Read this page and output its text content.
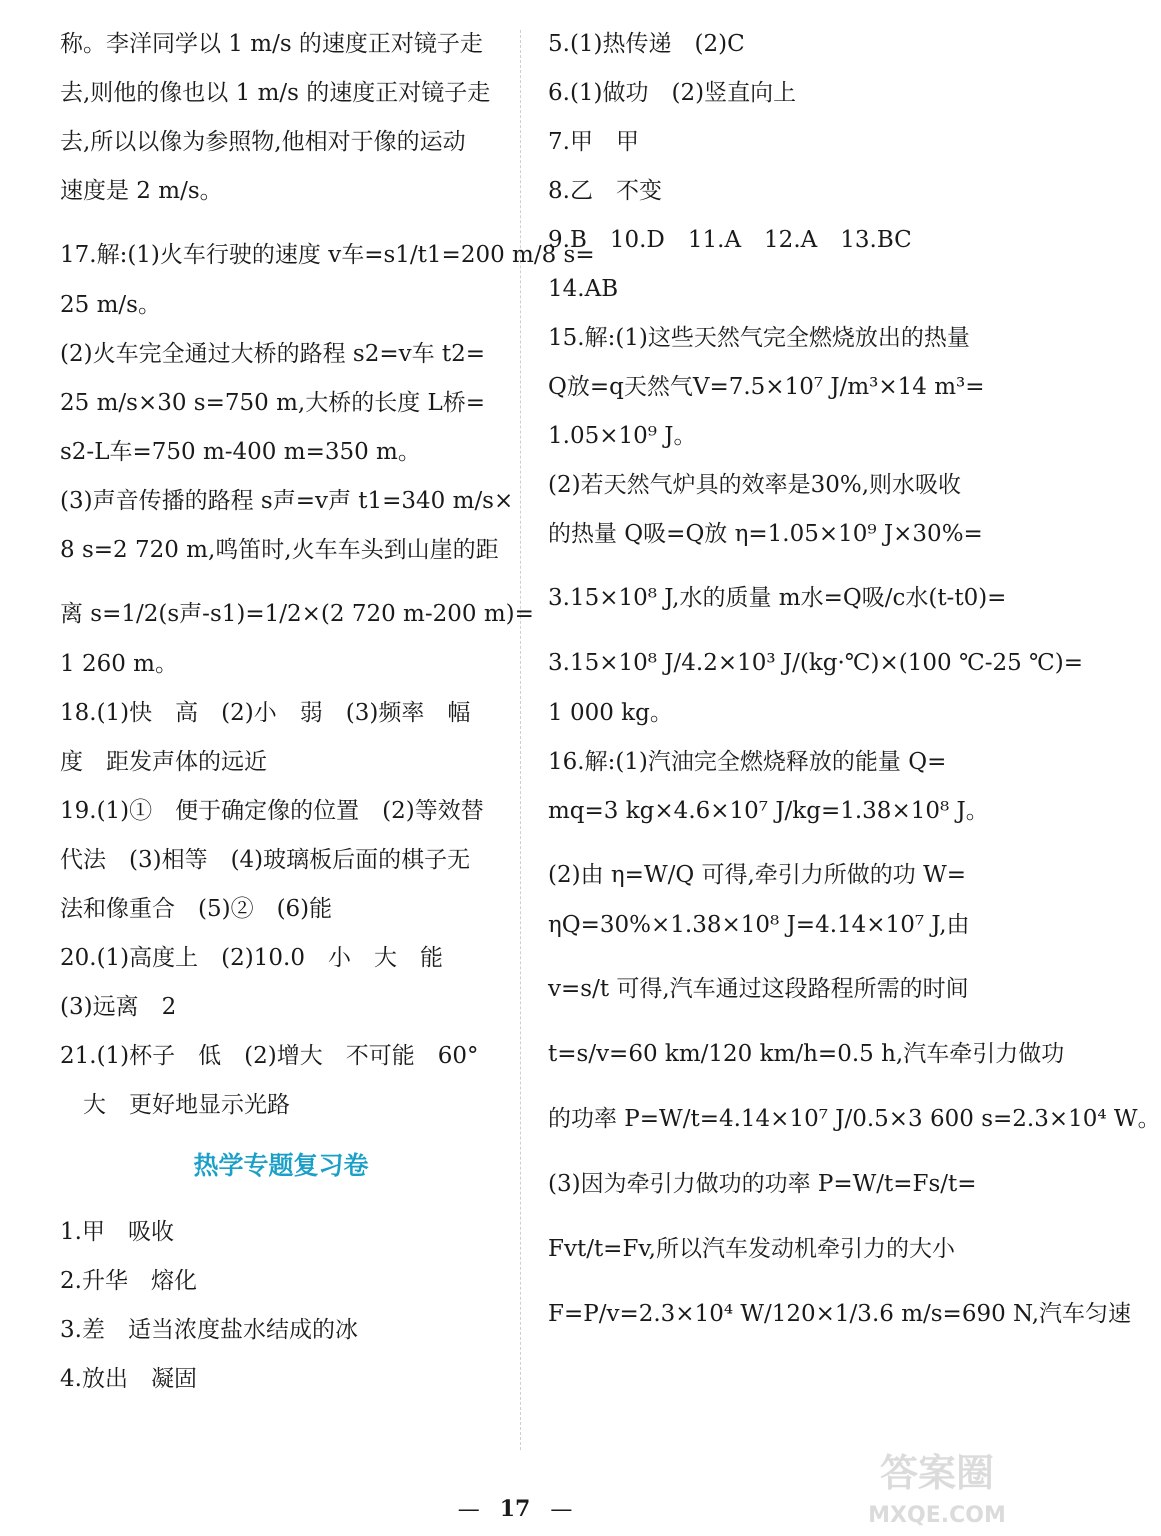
称。李洋同学以 1 m/s 的速度正对镜子走
去,则他的像也以 1 m/s 的速度正对镜子走
去,所以以像为参照物,他相对于像的运动
速度是 2 m/s。
17.解:(1)火车行驶的速度 v车=s1/t1=200 m/8 s=
25 m/s。
(2)火车完全通过大桥的路程 s2=v车 t2=
25 m/s×30 s=750 m,大桥的长度 L桥=
s2-L车=750 m-400 m=350 m。
(3)声音传播的路程 s声=v声 t1=340 m/s×
8 s=2 720 m,鸣笛时,火车车头到山崖的距
离 s=1/2(s声-s1)=1/2×(2 720 m-200 m)=
1 260 m。
18.(1)快　高　(2)小　弱　(3)频率　幅
度　距发声体的远近
19.(1)①　便于确定像的位置　(2)等效替
代法　(3)相等　(4)玻璃板后面的棋子无
法和像重合　(5)②　(6)能
20.(1)高度上　(2)10.0　小　大　能
(3)远离　2
21.(1)杯子　低　(2)增大　不可能　60°
　大　更好地显示光路
热学专题复习卷
1.甲　吸收
2.升华　熔化
3.差　适当浓度盐水结成的冰
4.放出　凝固
5.(1)热传递　(2)C
6.(1)做功　(2)竖直向上
7.甲　甲
8.乙　不变
9.B　10.D　11.A　12.A　13.BC
14.AB
15.解:(1)这些天然气完全燃烧放出的热量
Q放=q天然气V=7.5×10⁷ J/m³×14 m³=
1.05×10⁹ J。
(2)若天然气炉具的效率是30%,则水吸收
的热量 Q吸=Q放 η=1.05×10⁹ J×30%=
3.15×10⁸ J,水的质量 m水=Q吸/c水(t-t0)=
3.15×10⁸ J/4.2×10³ J/(kg·℃)×(100 ℃-25 ℃)=
1 000 kg。
16.解:(1)汽油完全燃烧释放的能量 Q=
mq=3 kg×4.6×10⁷ J/kg=1.38×10⁸ J。
(2)由 η=W/Q 可得,牵引力所做的功 W=
ηQ=30%×1.38×10⁸ J=4.14×10⁷ J,由
v=s/t 可得,汽车通过这段路程所需的时间
t=s/v=60 km/120 km/h=0.5 h,汽车牵引力做功
的功率 P=W/t=4.14×10⁷ J/0.5×3 600 s=2.3×10⁴ W。
(3)因为牵引力做功的功率 P=W/t=Fs/t=
Fvt/t=Fv,所以汽车发动机牵引力的大小
F=P/v=2.3×10⁴ W/120×1/3.6 m/s=690 N,汽车匀速
— 17 —
答案圈
MXQE.COM
